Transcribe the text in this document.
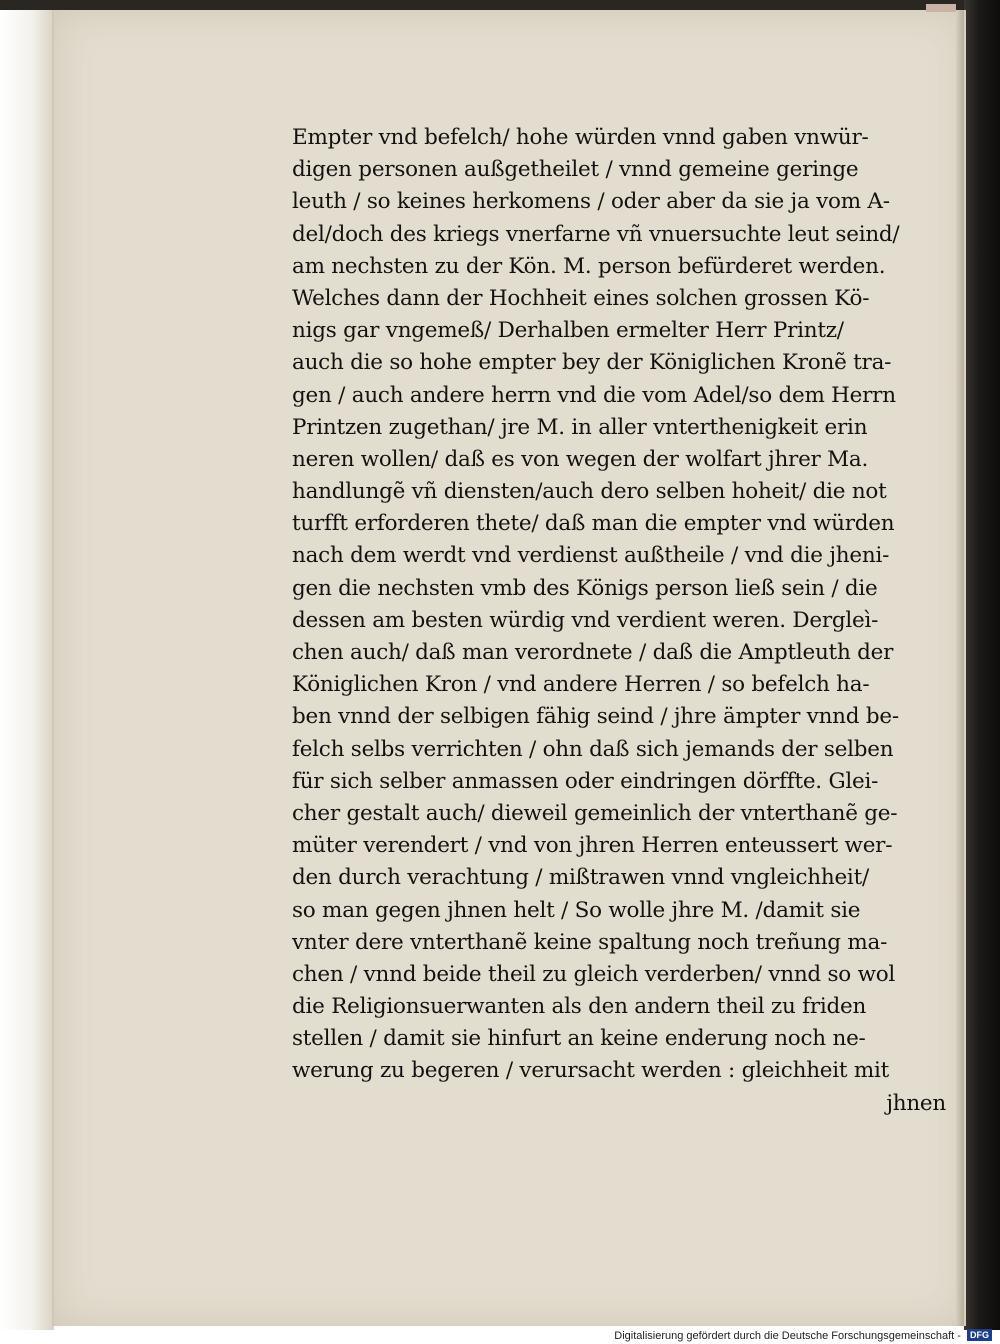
Empter vnd befelch/ hohe würden vnnd gaben vnwür-
digen personen außgetheilet / vnnd gemeine geringe
leuth / so keines herkomens / oder aber da sie ja vom A-
del/doch des kriegs vnerfarne vñ vnuersuchte leut seind/
am nechsten zu der Kön. M. person befürderet werden.
Welches dann der Hochheit eines solchen grossen Kö-
nigs gar vngemeß/ Derhalben ermelter Herr Printz/
auch die so hohe empter bey der Königlichen Kronẽ tra-
gen / auch andere herrn vnd die vom Adel/so dem Herrn
Printzen zugethan/ jre M. in aller vnterthenigkeit erin
neren wollen/ daß es von wegen der wolfart jhrer Ma.
handlungẽ vñ diensten/auch dero selben hoheit/ die not
turfft erforderen thete/ daß man die empter vnd würden
nach dem werdt vnd verdienst außtheile / vnd die jheni-
gen die nechsten vmb des Königs person ließ sein / die
dessen am besten würdig vnd verdient weren. Dergleì-
chen auch/ daß man verordnete / daß die Amptleuth der
Königlichen Kron / vnd andere Herren / so befelch ha-
ben vnnd der selbigen fähig seind / jhre ämpter vnnd be-
felch selbs verrichten / ohn daß sich jemands der selben
für sich selber anmassen oder eindringen dörffte. Glei-
cher gestalt auch/ dieweil gemeinlich der vnterthanẽ ge-
müter verendert / vnd von jhren Herren enteussert wer-
den durch verachtung / mißtrawen vnnd vngleichheit/
so man gegen jhnen helt / So wolle jhre M. /damit sie
vnter dere vnterthanẽ keine spaltung noch treñung ma-
chen / vnnd beide theil zu gleich verderben/ vnnd so wol
die Religionsuerwanten als den andern theil zu friden
stellen / damit sie hinfurt an keine enderung noch ne-
werung zu begeren / verursacht werden : gleichheit mit
jhnen
Digitalisierung gefördert durch die Deutsche Forschungsgemeinschaft - DFG
